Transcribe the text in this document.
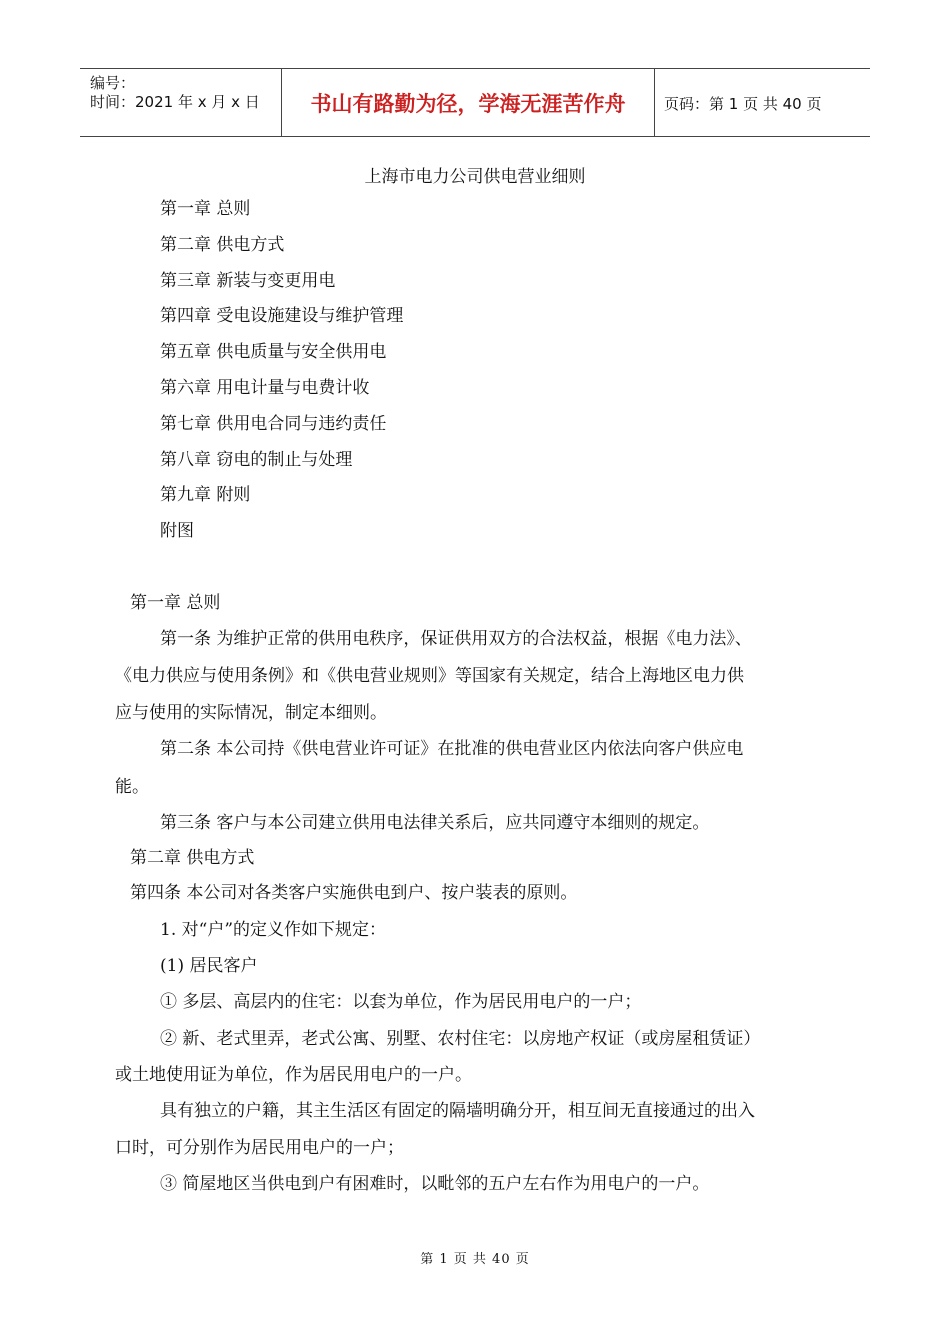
编号：
时间：2021 年 x 月 x 日	书山有路勤为径，学海无涯苦作舟	页码：第 1 页 共 40 页
上海市电力公司供电营业细则
第一章 总则
第二章 供电方式
第三章 新装与变更用电
第四章 受电设施建设与维护管理
第五章 供电质量与安全供用电
第六章 用电计量与电费计收
第七章 供用电合同与违约责任
第八章 窃电的制止与处理
第九章 附则
附图
第一章 总则
第一条 为维护正常的供用电秩序，保证供用双方的合法权益，根据《电力法》、
《电力供应与使用条例》和《供电营业规则》等国家有关规定，结合上海地区电力供
应与使用的实际情况，制定本细则。
第二条 本公司持《供电营业许可证》在批准的供电营业区内依法向客户供应电
能。
第三条 客户与本公司建立供用电法律关系后，应共同遵守本细则的规定。
第二章 供电方式
第四条 本公司对各类客户实施供电到户、按户装表的原则。
1. 对“户”的定义作如下规定：
(1) 居民客户
① 多层、高层内的住宅：以套为单位，作为居民用电户的一户；
② 新、老式里弄，老式公寓、别墅、农村住宅：以房地产权证（或房屋租赁证）
或土地使用证为单位，作为居民用电户的一户。
具有独立的户籍，其主生活区有固定的隔墙明确分开，相互间无直接通过的出入
口时，可分别作为居民用电户的一户；
③ 简屋地区当供电到户有困难时，以毗邻的五户左右作为用电户的一户。
第 1 页 共 40 页
